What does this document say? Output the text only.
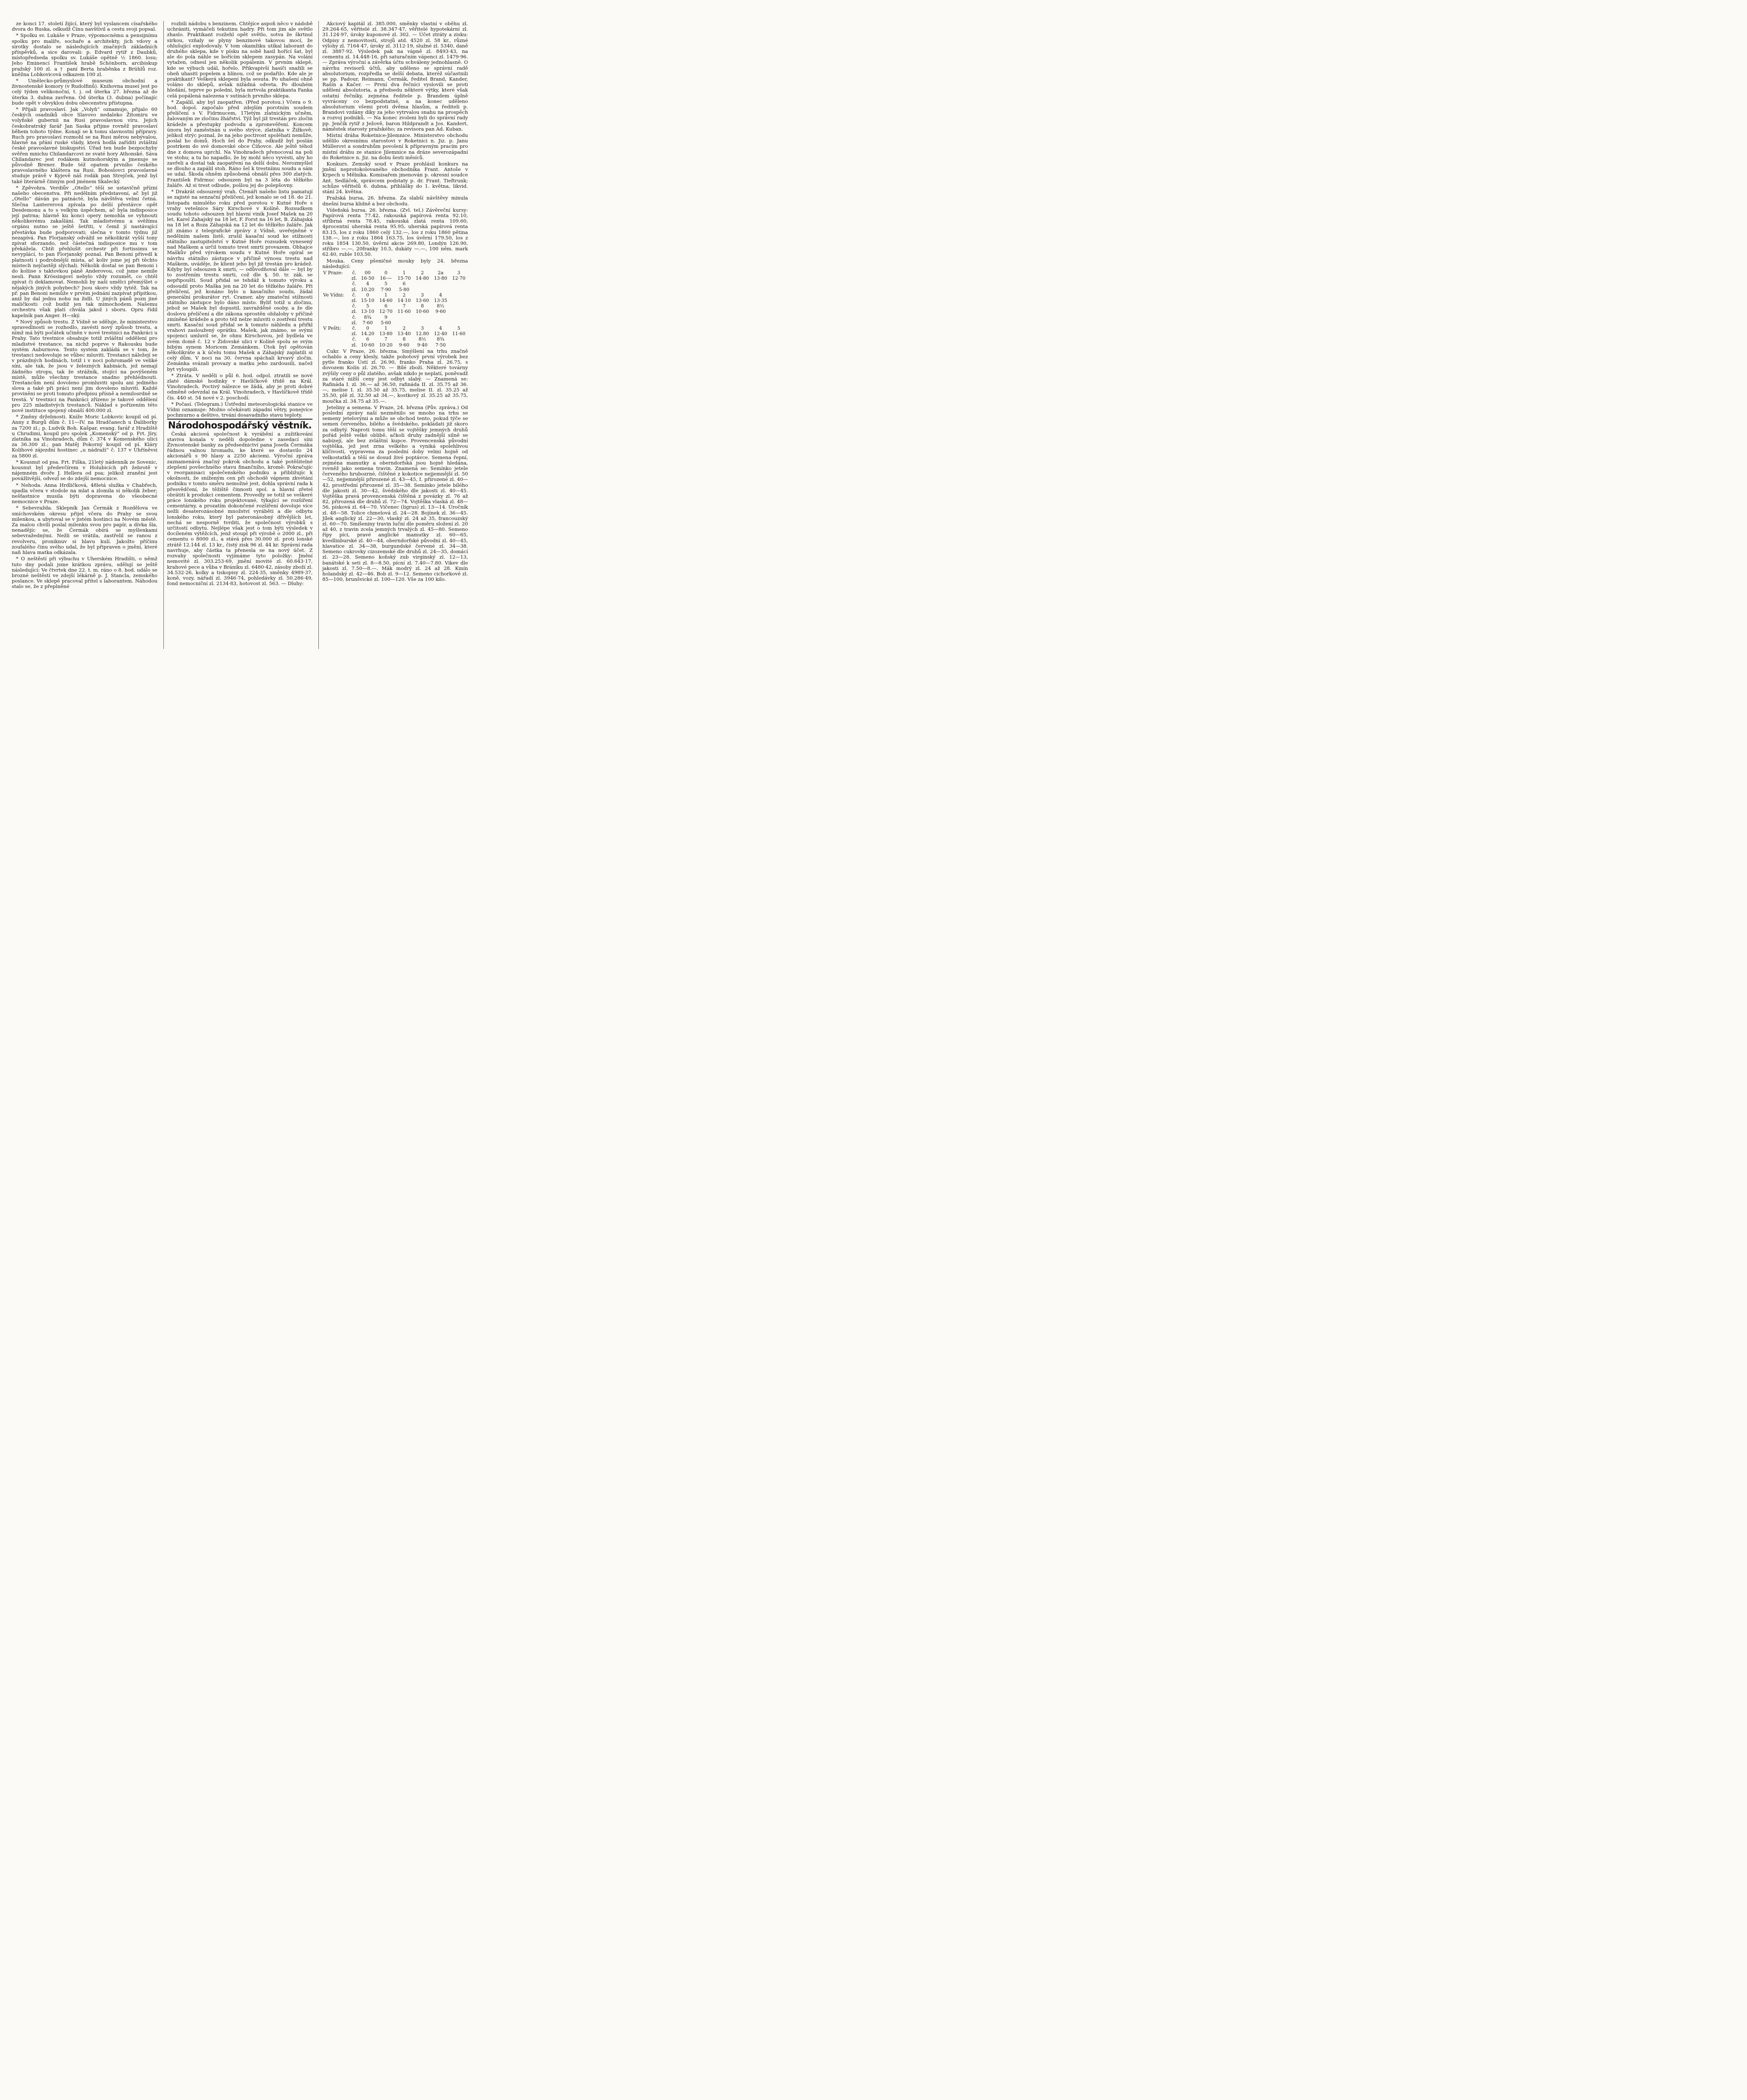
ze konci 17. století žijící, který byl vyslancem císařského dvora do Ruska, odkudž Čínu navštívil a cestu svoji popsal.

* Spolku sv. Lukáše v Praze, výpomocnému a pensijnímu spolku pro malíře, sochaře a architekty, jich vdovy a sirotky dostalo se následujících značných základních příspěvků, a sice darovali: p. Edvard rytíř z Daubků, místopředseda spolku sv. Lukáše opětně ½ 1860. losu; Jeho Eminencí František hrabě Schönborn, arcibiskup pražský 100 zl. a † paní Berta hraběnka z Brühlů roz. kněžna Lobkovicová odkazem 100 zl.

* Umělecko-průmyslové museum obchodní a živnostenské komory (v Rudolfinů). Knihovna museí jest po celý týden velikonoční, t. j. od úterka 27. března až do úterka 3. dubna zavřena. Od úterka (3. dubna) počínajíc bude opět v obvyklou dobu obecenstvu přístupna.

* Přijali pravoslaví. Jak „Volyň“ oznamuje, přijalo 60 českých osadníků obce Slavovo nedaleko Žitomiru ve volyňské gubernii na Rusi pravoslavnou víru. Jejich českobratrský farář Jan Saska přijme rovněž pravoslaví během tohoto týdne. Konají se k tomu slavnostní přípravy. Ruch pro pravoslaví rozmohl se na Rusi měrou nebývalou, hlavně na přání ruské vlády, která hodlá zaříditi zvláštní české pravoslavné biskupství. Úřad ten bude bezpochyby svěřen mnichu Chilandarcovi ze svaté hory Athonské. Sáva Chilandarec jest rodákem kutnohorským a jmenuje se původně Brener. Bude též opatem prvního českého pravoslavného kláštera na Rusi. Bohoslovci pravoslavné studuje právě v Kyjevě náš rodák pan Strejček, jenž byl také literárně činným pod jménem Skalecký.

* Zpěvohra. Verdiův „Otello“ těší se ustavičně přízni našeho obecenstva. Při nedělním představení, ač byl již „Otello“ dáván po patnácté, byla návštěva velmi četná. Slečna Lantererová zpívala po delší přestávce opět Desdemonu a to s velkým úspěchem, ač byla indisposice její patrna; hlavně ku konci opery nemohla se vyhnouti několikerému zakašlání. Tak mladistvému a svěžímu orgánu nutno se ještě šetřiti, v čemž jí nastávající přestávka bude podporovati; slečna v tomto týdnu již nezapívá. Pan Florjanský odvážil se několikrát vyšší tony zpívat sforzando, než částečná indisposice mu v tom překážela. Chtít přehlušit orchestr při fortissimu se nevyplácí, to pan Florjanský poznal. Pan Benoni přivedl k platnosti i podrobnější místa, ač koliv jsme jej při těchto místech nejčastěji slýchali. Několik dostal se pan Benoni i do koliise s taktovkou páně Anderovou, což jsme nemile nesli. Pann Krössingoví nebylo vždy rozumět, co chtěl zpívat či deklamovat. Nemohli by naši umělci přemýšlet o nějakých jiných pohybech? Jsou skoro vždy tytéž. Tak na př. pan Benoni nemůže v prvém jednání zazpívat přípitkou, aniž by dal jednu nohu na židli. U jiných pánů pozn jiné maličkosti: což budiž jen tak mimochodem. Našemu orchestru však platí chvála jakož i sboru. Opru řídil kapelník pan Anger. H—ský.

* Nový způsob trestu. Z Vídně se sděluje, že ministerstvo spravedlnosti se rozhodlo, zavésti nový způsob trestu, a nímž má býti počátek učiněn v nové trestnici na Pankráci u Prahy. Tato trestnice obsahuje totiž zvláštní oddělení pro mladistvé trestance, na nichž poprve v Rakousku bude systém Auburnova. Tento systém zakládá se v tom, že trestanci nedovoluje se vůbec mluviti. Trestanci náležejí se v prázdných hodinách, totiž i v noci pohromadě ve veliké síni, ale tak, že jsou v železných kabinách, jež nemají žádného stropu, tak že strážník, stojící na povýšeném místě, může všechny trestance snadno přehlédnouti. Trestancům není dovoleno promluviti spolu ani jediného slova a také při práci není jim dovoleno mluviti. Každé proviněni se proti tomuto předpisu přísně a nemilosrdně se trestá. V trestnici na Pankráci zřízeno je takové oddělení pro 225 mladistvých trestanců. Náklad s pořízením této nové instituce spojený obnáší 400.000 zl.

* Změny držebnosti. Kníže Moric Lobkovic koupil od pí. Anny z Burgů dům č. 11—IV. na Hradčanech u Daliborky za 7200 zl.; p. Ludvík Boh. Kašpar, evang. farář z Hradiště u Chrudimi, koupil pro spolek „Komenský“ od p. Frt. Jíry, zlatníka na Vinohradech, dům č. 374 v Komenského ulici za 36.300 zl.; pan Matěj Pokorný koupil od pí. Kláry Kolihové zájezdní hostinec „u nádraží“ č. 137 v Uhříněvsi za 5800 zl.

* Kousnut od psa. Frt. Fiška, 21letý nádenník ze Sovenic, kousnut byl předevčírem v Holubicích při žebrotě v nájemném dvoře J. Hellera od psa; jelikož zranění jest povážlivější, odvezl se do zdejší nemocnice.

* Nehoda. Anna Hrdličková, 48letá služka v Chabřech, spadla včera v stodole na mlat a zlomila si několik žeber; nešťastnice musila býti dopravena do všeobecné nemocnice v Praze.

* Sebevražda. Sklepník Jan Čermák z Rozdělova ve smíchovském okresu přijel včera do Prahy se svou milenkou, a ubytoval se v jistém hostinci na Novém městě. Za malou chvíli poslal milenku svou pro papír, a dívka šla, nenadějíc se, že Čermák obírá se myšlenkami sebevražednými. Nežli se vrátila, zastřelil se ranou z revolveru, proniknuv si hlavu kulí. Jakožto příčinu zoufalého činu svého udal, že byl připraven o jmění, které naň hlava matka odkázala.

* O neštěstí při výbuchu v Uherském Hradišti, o němž tuto dny podali jsme krátkou zprávu, sdělují se ještě následující: Ve čtvrtek dne 22. t. m. ráno o 8. hod. událo se brozné neštěstí ve zdejší lékárně p. J. Stancla, zemského poslance. Ve sklepě pracoval přítel s laborantem. Náhodou stalo se, že z přeplněné

rozbili nádobu s benzinem. Chtějíce aspoň něco v nádobě uchrániti, vymáčeli tekutinu hadry. Při tom jim ale světlo zhaslo. Praktikant rozžehl opět světlo, sotva že škrtnul sirkou, vzňaly se plyny benzinové takovou mocí, že ohlušující explodovaly. V tom okamžiku utíkal laborant do druhého sklepa, kde v písku na sobě hasil hořící šat, byl ale do pola náhle se bořícím sklepem zasypán. Na volání vytažen, odnesl jen několik popálenin. V prvním sklepě, kde se výbuch udál, hořelo. Přikvapivší hasiči snažili se oheň uhasiti popelem a hlínou, což se podařilo. Kde ale je praktikant? Veškerá sklepení byla sesuta. Po uhašení ohně voláno do sklepů, avšak nižádná odveta. Po dlouhém hledání, teprve po poledni, byla mrtvola praktikanta Fanka celá popálená nalezena v sutinách prvního sklepa.

* Zapálil, aby byl zaopatřen. (Před porotou.) Včera o 9. hod. dopol. započalo před zdejším porotním soudem přelíčení s V. Fidrmucem, 17letým zlatnickým učněm, žalovaným ze zločinu žhářství. Týž byl již trestán pro zločin krádeže a přestupky podvodu a zpronevěření. Koncem února byl zaměstnán u svého strýce, zlatníka v Žižkově; jelikož strýc poznal, že na jeho poctivost spoléhati nemůže, poslal ho domů. Hoch šel do Prahy, odkudž byl poslán postrkem do své domovské obce Číňovce. Ale ještě téhož dne z domova uprchl. Na Vinohradech přenocoval na poli ve stohu; a tu ho napadlo, že by mohl něco vyvésti, aby ho zavřeli a dostal tak zaopatření na delší dobu. Nerozmyšlel se dlouho a zapálil stoh. Ráno šel k trestnímu soudu a sám se udal. Škoda ohněm způsobená obnáší přes 300 zlatých. František Fidrmuc odsouzen byl na 3 léta do těžkého žaláře. Až si trest odbude, pošlou jej do polepšovny.

* Drakrát odsouzený vrah. Čtenáři našeho listu pamatují se zajisté na senzační přelíčení, jež konalo se od 18. do 21. listopadu minulého roku před porotou v Kutné Hoře s vrahy vetešnice Sáry Kirschové v Kolíně. Rozsudkem soudu tohoto odsouzen byl hlavní viník Josef Mašek na 20 let, Karel Zahajský na 18 let, F. Forst na 16 let, B. Záhajská na 18 let a Roza Záhajská na 12 let do těžkého žaláře. Jak již známo z telegrafické zprávy z Vídně, uveřejněné v nedělním našem listě, zrušil kasační soud ke stížnosti státního zastupitelství v Kutné Hoře rozsudek vynesený nad Maškem a určil tomuto trest smrti provazem. Obhajce Maškův před výrokem soudu v Kutné Hoře opíral se návrhu státního zástupce v příčině výnosu trestu nad Maškem, uváděje, že klient jeho byl již trestán pro krádež. Kdyby byl odsouzen k smrti, — odůvodňoval dále — byl by to zostřením trestu smrti, což dle §. 50. tr. zák. se nepřipouští. Soud přidal se tehdáž k tomuto výroku a odsoudil proto Maška jen na 20 let do těžkého žaláře. Při přelíčení, jež konáno bylo u kasačního soudu, žádal generální prokurátor ryt. Cramer, aby zmateční stížnosti státního zástupce bylo dáno místo. Byliť totiž u zločinu, jehož se Mašek byl dopustil, zavražděné osoby, a že dle doslovu přelíčení a dle zákona sprostěn obžaloby v příčině zmíněné krádeže a proto též nelze mluviti o zostření trestu smrti. Kasační soud přidal se k tomuto náhledu a přiřkl vrahovi zasloužený oprátku. Mašek, jak známo, se svými spojenci umluvil se, že ohnu Kirschovou, jež bydlela ve svém domě č. 12 v Židovské ulici v Kolíně spolu se svým bibým synem Moricem Zemánkem. Útok byl opětován několikráte a k účelu tomu Mašek a Záhajský zaplatili si celý dům. V noci na 30. června spáchali krvavý zločin. Zemánka svázali provazy a matku jeho zardousili, načež byt vyloupili.

* Ztráta. V neděli o půl 6. hod. odpol. ztratili se nové zlaté dámské hodinky v Havlíčkově třídě na Král. Vinohradech. Poctivý nálezce se žádá, aby je proti dobré odměně odevzdal na Král. Vinohradech, v Havlíčkově třídě čís. 440 st. 54 nové v 2. poschodí.

* Počasí. (Telegram.) Ústřední meteorologická stanice ve Vídni oznamuje: Možno očekávati západní větry, ponejvíce pochmurno a deštivo, trvání dosavadního stavu teploty.

Národohospodářský věstník.

Česká akciová společnost k vyrábění a zužitkování staviva konala v neděli dopoledne v zasedací síni Živnostenské banky za předsednictví pana Josefa Čermáka řádnou valnou hromadu, ke které se dostavilo 24 akcionářů s 90 hlasy a 2250 akciemi. Výroční zpráva zaznamenává značný pokrok obchodu a také potěšitelné zlepšení povšechného stavu finančního, kromě: Pokračujíc v reorganisaci společenského podniku a přibližujíc k okolnosti, že sníženým cen při obchodě vápnem zkvétání podniku v tomto směru nemožné jest, dohla správní rada k přesvědčení, že těžiště činnosti spol. a hlavní zřetel obrátiti k produkci cementem. Provedly se totiž se veškeré práce lonského roku projektované, týkající se rozšíření cementárny, a prozatím dokončené rozšíření dovoluje více nežli desaterozásobné množství vyráběti a dle odbytu lonského roku, který byl pateronásobný dřívějších let, nechá se nesporně tvrditi, že společnost výrobků s určitostí odbytu. Nejlépe však jest o tom býti výsledek v docíleném výtěžcích, jenž stoupl při výrobě o 2000 zl., při cementu o 8000 zl., a stává přes 30.000 zl. proti lonské ztrátě 12.144 zl. 13 kr., čistý zisk 96 zl. 44 kr. Správní rada navrhuje, aby částka ta přenesla se na nový účet. Z rozvahy společnosti vyjímáme tyto položky: Jmění nemovité zl. 303.253·69, jmění movité zl. 60.643·17, krahové pece a vůba v Bráníku zl. 6480·42, zásoby zboží zl. 34.532·26, kolky a tiskopisy zl. 224·35, směnky 4989·37, koně, vozy, nářadí zl. 3946·74, pohledávky zl. 50.286·49, fond nemocniční zl. 2134·83, hotovost zl. 563. — Dluhy:

Akciový kapitál zl. 385.000, směnky vlastní v oběhu zl. 29.264·65, věřitelé zl. 38.347·47, věřitelé hypotekární zl. 31.124·97, úroky kuponové zl. 302. — Účet ztráty a zisku: Odpisy z nemovitostí, strojů atd. 4520 zl. 58 kr., různé výlohy zl. 7164·47, úroky zl. 3112·19, služné zl. 5340, daně zl. 3887·92. Výsledek pak na vápně zl. 8493·43, na cementu zl. 14.448·16, při saturačním vápenci zl. 1479·96. — Zpráva výroční a závěrka účtu schváleny jednohlasně. O návrhu revisorů účtů, aby uděleno se správní radě absolutorium, rozpředla se delší debata, kteréž súčastnili se pp. Padour, Reimann, Čermák, ředitel Brand, Kander, Rašín a Kačer. — První dva řečníci vyslovili se proti udělení absolutoria, a předsedu některé výtky, které však ostatní řečníky, zejména ředitele p. Brandem úplně vyvráceny co bezpodstatné, a na konec uděleno absolutorium všemi proti dvěma hlasům, a řediteli p. Brandovi vzdány díky za jeho vytrvalou snahu na prospěch a rozvoj podniků. — Na konec zvoleni byli do správní rady pp. Jenčík rytíř z Ježově, baron Hildprandt a Jos. Kandert, náměstek starosty pražského; za revisora pan Ad. Kuban.

Místní dráha Roketnice-Jilemnice. Ministerstvo obchodu udělilo okresnímu starostovi v Roketnici n. Jiz. p. Janu Müllerovi a sondruhům povolení k přípravným pracím pro místní dráhu ze stanice Jilemnice na dráze severozápadní do Roketnice n. Jiz. na dobu šesti měsíců.

Konkurs. Zemský soud v Praze prohlásil konkurs na jmění neprotokolovaného obchodníka Frant. Antoše v Krpech u Mělníka. Komisařem jmenován p. okresní soudce Ant. Sedláček, správcem podstaty p. dr. Frant. Tieftrunk; schůze věřitelů 6. dubna, přihlášky do 1. května, likvid. stání 24. května.

Pražská bursa, 26. března. Za slabší návštěvy minula dnešní bursa klidně a bez obchodu.

Vídeňská bursa, 26. března. (Zvl. tel.) Závěreční kursy: Papírová renta 77.42, rakouská papírová renta 92.10, stříbrná renta 78.45, rakouská zlatá renta 109.60, 4procentní uherská renta 95.95, uherská papírová renta 83.15, los z roku 1860 celý 132.—, los z roku 1860 pětina 138.—, los z roku 1864 163.75, los úvěrní 179.50, los z roku 1854 130.50, úvěrní akcie 269.80, Londýn 126.90, stříbro —.—, 20franky 10.5, dukáty —.—, 100 něm. mark 62.40, ruble 103.50.

Mouka. Ceny pšeničné mouky byly 24. března následující:

V Praze:	č.	00	0	1	2	2a	3
	zl.	16·50	16·—	15·70	14·80	13·80	12·70
	č.	4	5	6			
	zl.	10.20	7·90	5·80			
Ve Vídni:	č.	0	1	2	3	4	
	zl.	15·10	14·60	14·10	13·60	13·35	
	č.	5	6	7	8	8½	
	zl.	13·10	12·70	11·60	10·60	9·60	
	č.	8¾	9				
	zl.	7·60	5·60				
V Pešti:	č.	0	1	2	3	4	5
	zl.	14.20	13·80	13·40	12.80	12·40	11·60
	č.	6	7	8	8½	8¾	
	zl.	10·60	10·20	9·60	9·40	7·50	

Cukr. V Praze, 26. března. Smýšlení na trhu značně ochablo a ceny klesly, takže pohotový první výrobek bez pytle franko Ústí zl. 26.90, franko Praha zl. 26.75, s dovozem Kolín zl. 26.70. — Bílé zboží. Některé továrny zvýšily ceny o půl zlatého, avšak nikdo je neplatí, poněvadž za staré nižší ceny jest odbyt slabý. — Znamená se: Rafináda I. zl. 36.— až 36.50, rafináda II. zl. 35.75 až 36.—, melise I. zl. 35.50 až 35.75, melise II. zl. 35.25 až 35.50, plě zl. 32.50 až 34.—, kostkový zl. 35.25 až 35.75, moučka zl. 34.75 až 35.—.

Jeteliny a semena. V Praze, 24. března (Pův. zpráva.) Od poslední zprávy naší nezměnilo se mnoho na trhu se semeny jetelovými a může se obchod tento, pokud týče se semen červeného, bílého a švédského, pokládati již skoro za odbytý. Naproti tomu těší se vojtěšky jemných druhů pořád ještě velké oblibě, ačkoli druhy zadnější silně se nabízejí, ale bez zvláštní kupce. Provencenská původní vojtěška, jež jest zrna velkého a vyniká spolehlivou klíčivostí, vypravena za poslední doby velmi hojně od velkostatků a těší se dosud živé poptávce. Semena řepní, zejména mamutky a oberndorfská jsou hojně hledána, rovněž jako semena travin. Znamená se: Semínko jetele červeného hrubozrné, čištěné z kokotice nejjemnější zl. 50—52, nejjemnější přirozené zl. 43—45, I. přirozené zl. 40—42, prostřední přirozené zl. 35—38. Semínko jetele bílého dle jakosti zl. 30—42, švédského dle jakosti zl. 40—45. Vojtěška pravá provencenská čištěná z povázky zl. 76 až 82, přirozená dle druhů zl. 72—74. Vojtěška vlaská zl. 48—56, písková zl. 64—70. Vičenec (ligrus) zl. 13—14. Úročník zl. 48—58. Tolice chmelová zl. 24—28. Bojínek zl. 36—45. Jílek anglický zl. 22—30, vlaský zl. 24 až 35, francouzský zl. 60—70. Smíšeniny travin luční dle poměru složení zl. 20 až 40, z travin zcela jemných trvalých zl. 45—80. Semeno řípy píci, pravé anglické mamutky zl. 60—65, kvedlinburské zl. 40—44, oberndorfské původní zl. 40—45, hlavatice zl. 34—38, burgundské červené zl. 34—38. Semeno cukrovky cizozemské dle druhů zl. 24—35, domácí zl. 23—28. Semeno koňský zub virginský zl. 12—13, banátské k seti zl. 8—8.50, pícní zl. 7.40—7.80. Vikev dle jakosti zl. 7.50—8.—. Mák modrý zl. 24 až 28. Kmín holandský zl. 42—46. Bob zl. 9—12. Semeno cichorkové zl. 85—100, brunšvické zl. 100—120. Vše za 100 kilo.
